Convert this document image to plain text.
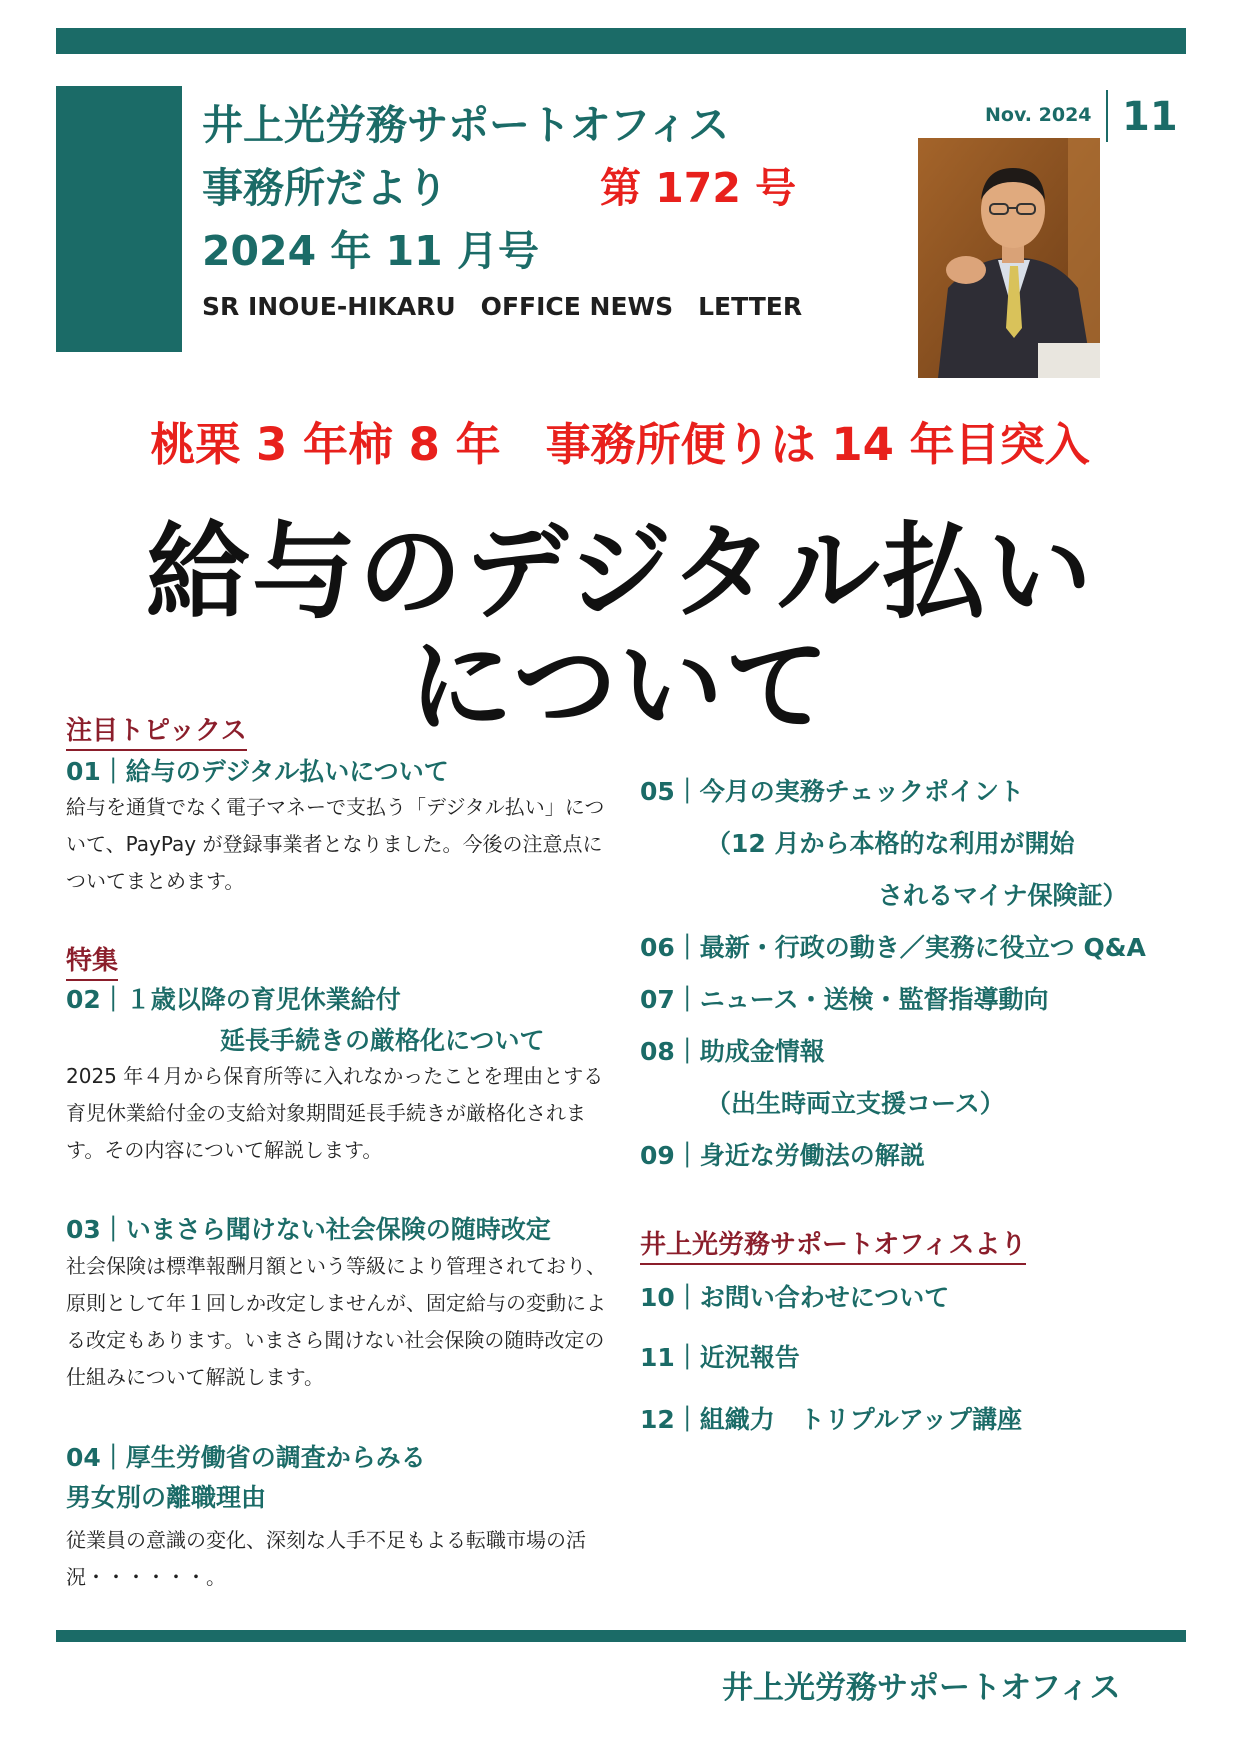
井上光労務サポートオフィス
事務所だより	第 172 号
2024 年 11 月号
SR INOUE-HIKARU　OFFICE NEWS　LETTER
Nov. 2024 11
桃栗 3 年柿 8 年　事務所便りは 14 年目突入
給与のデジタル払い
について
注目トピックス
01｜給与のデジタル払いについて
給与を通貨でなく電子マネーで支払う「デジタル払い」について、PayPay が登録事業者となりました。今後の注意点についてまとめます。
特集
02｜１歳以降の育児休業給付
延長手続きの厳格化について
2025 年４月から保育所等に入れなかったことを理由とする育児休業給付金の支給対象期間延長手続きが厳格化されます。その内容について解説します。
03｜いまさら聞けない社会保険の随時改定
社会保険は標準報酬月額という等級により管理されており、原則として年１回しか改定しませんが、固定給与の変動による改定もあります。いまさら聞けない社会保険の随時改定の仕組みについて解説します。
04｜厚生労働省の調査からみる
男女別の離職理由
従業員の意識の変化、深刻な人手不足もよる転職市場の活況・・・・・・。
05｜今月の実務チェックポイント
（12 月から本格的な利用が開始
されるマイナ保険証）
06｜最新・行政の動き／実務に役立つ Q&A
07｜ニュース・送検・監督指導動向
08｜助成金情報
（出生時両立支援コース）
09｜身近な労働法の解説
井上光労務サポートオフィスより
10｜お問い合わせについて
11｜近況報告
12｜組織力　トリプルアップ講座
井上光労務サポートオフィス
